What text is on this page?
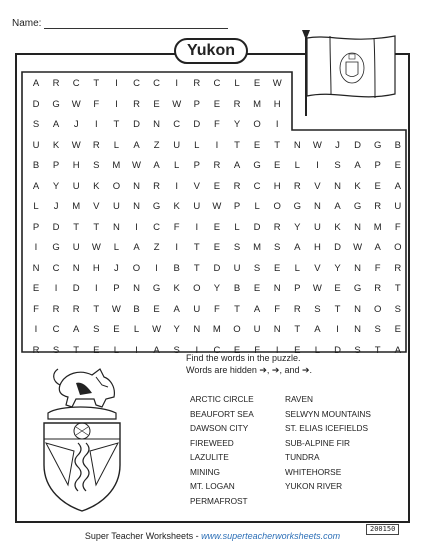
Name:
Yukon
A	R	C	T	I	C	C	I	R	C	L	E	W
D	G	W	F	I	R	E	W	P	E	R	M	H
S	A	J	I	T	D	N	C	D	F	Y	O	I
U	K	W	R	L	A	Z	U	L	I	T	E	T	N	W	J	D	G	B
B	P	H	S	M	W	A	L	P	R	A	G	E	L	I	S	A	P	E
A	Y	U	K	O	N	R	I	V	E	R	C	H	R	V	N	K	E	A
L	J	M	V	U	N	G	K	U	W	P	L	O	G	N	A	G	R	U
P	D	T	T	N	I	C	F	I	E	L	D	R	Y	U	K	N	M	F
I	G	U	W	L	A	Z	I	T	E	S	M	S	A	H	D	W	A	O
N	C	N	H	J	O	I	B	T	D	U	S	E	L	V	Y	N	F	R
E	I	D	I	P	N	G	K	O	Y	B	E	N	P	W	E	G	R	T
F	R	R	T	W	B	E	A	U	F	T	A	F	R	S	T	N	O	S
I	C	A	S	E	L	W	Y	N	M	O	U	N	T	A	I	N	S	E
R	S	T	E	L	I	A	S	I	C	E	F	I	E	L	D	S	T	A
Find the words in the puzzle.
Words are hidden ➔, ➔, and ➔.
ARCTIC CIRCLE
BEAUFORT SEA
DAWSON CITY
FIREWEED
LAZULITE
MINING
MT. LOGAN
PERMAFROST
RAVEN
SELWYN MOUNTAINS
ST. ELIAS ICEFIELDS
SUB-ALPINE FIR
TUNDRA
WHITEHORSE
YUKON RIVER
Super Teacher Worksheets - www.superteacherworksheets.com
200150
